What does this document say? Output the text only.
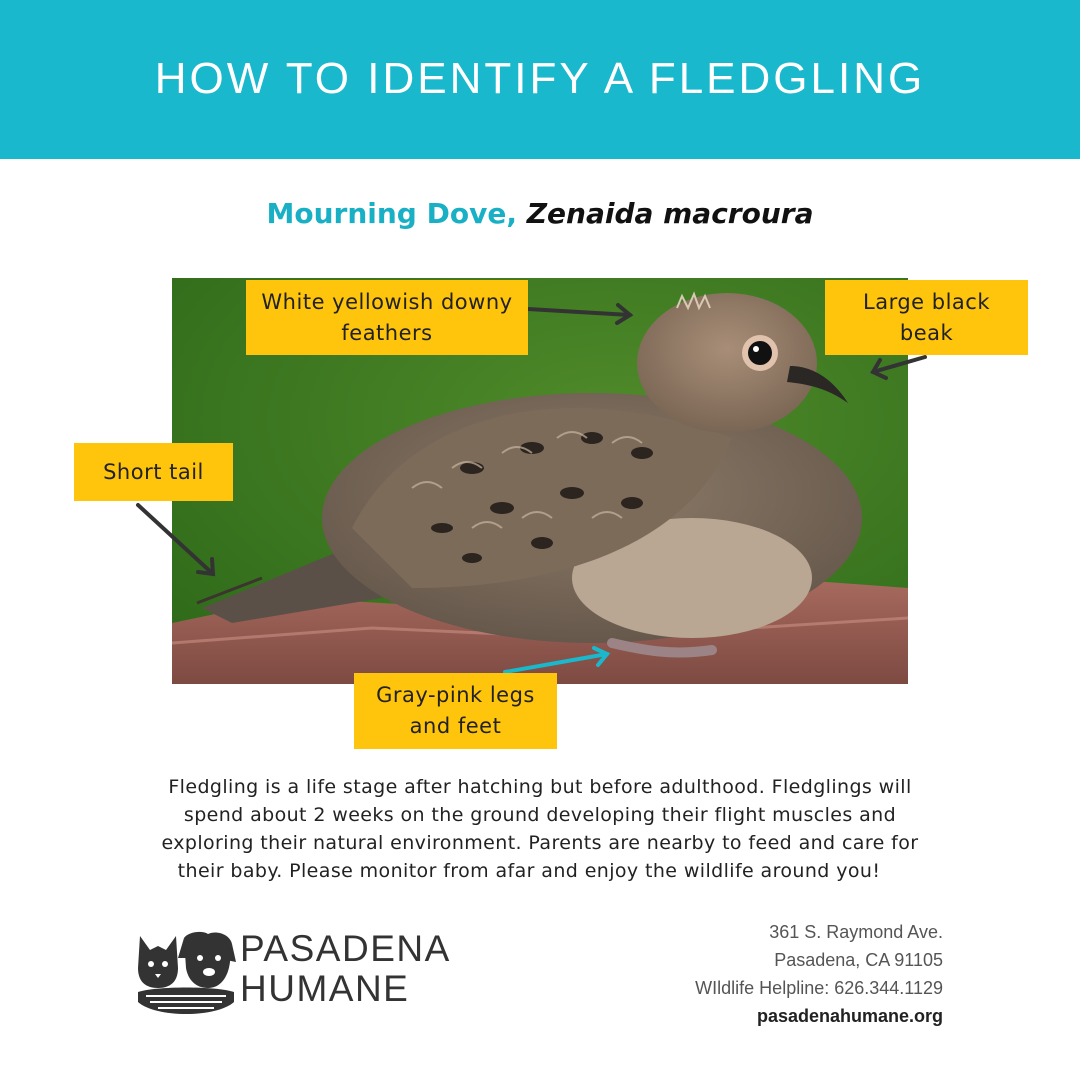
HOW TO IDENTIFY A FLEDGLING
Mourning Dove, Zenaida macroura
White yellowish downy
feathers
Large black
beak
Short tail
Gray-pink legs
and feet
Fledgling is a life stage after hatching but before adulthood. Fledglings will
spend about 2 weeks on the ground developing their flight muscles and
exploring their natural environment. Parents are nearby to feed and care for
their baby. Please monitor from afar and enjoy the wildlife around you!
PASADENA
HUMANE
361 S. Raymond Ave.
Pasadena, CA 91105
WIldlife Helpline: 626.344.1129
pasadenahumane.org
